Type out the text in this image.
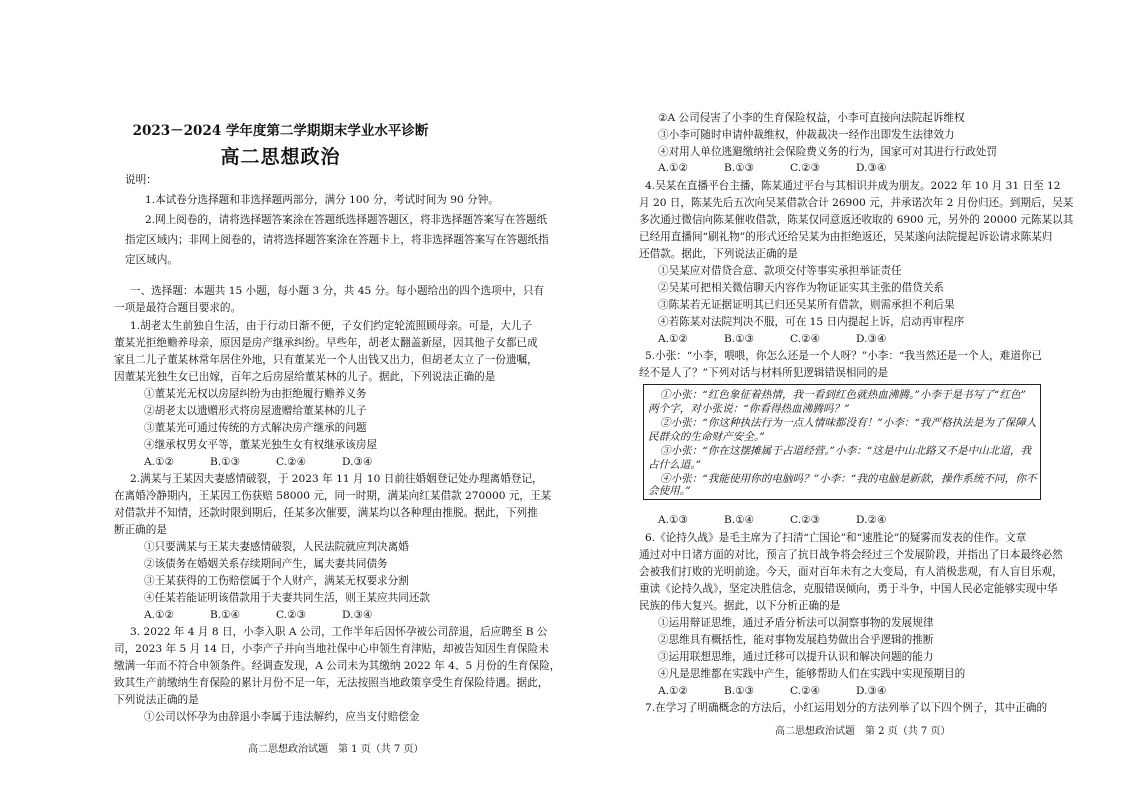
2023－2024 学年度第二学期期末学业水平诊断
高二思想政治
说明：
1.本试卷分选择题和非选择题两部分，满分 100 分，考试时间为 90 分钟。
2.网上阅卷的，请将选择题答案涂在答题纸选择题答题区，将非选择题答案写在答题纸
指定区域内；非网上阅卷的，请将选择题答案涂在答题卡上，将非选择题答案写在答题纸指
定区域内。
一、选择题：本题共 15 小题，每小题 3 分，共 45 分。每小题给出的四个选项中，只有
一项是最符合题目要求的。
1.胡老太生前独自生活，由于行动日渐不便，子女们约定轮流照顾母亲。可是，大儿子
董某光拒绝赡养母亲，原因是房产继承纠纷。早些年，胡老太翻盖新屋，因其他子女都已成
家且二儿子董某林常年居住外地，只有董某光一个人出钱又出力，但胡老太立了一份遗嘱，
因董某光独生女已出嫁，百年之后房屋给董某林的儿子。据此，下列说法正确的是
①董某光无权以房屋纠纷为由拒绝履行赡养义务
②胡老太以遗赠形式将房屋遗赠给董某林的儿子
③董某光可通过传统的方式解决房产继承的问题
④继承权男女平等，董某光独生女有权继承该房屋
A.①②	B.①③	C.②④	D.③④
2.满某与王某因夫妻感情破裂，于 2023 年 11 月 10 日前往婚姻登记处办理离婚登记，
在离婚冷静期内，王某因工伤获赔 58000 元，同一时期，满某向红某借款 270000 元，王某
对借款并不知情，还款时限到期后，任某多次催要，满某均以各种理由推脱。据此，下列推
断正确的是
①只要满某与王某夫妻感情破裂，人民法院就应判决离婚
②该债务在婚姻关系存续期间产生，属夫妻共同债务
③王某获得的工伤赔偿属于个人财产，满某无权要求分割
④任某若能证明该借款用于夫妻共同生活，则王某应共同还款
A.①②	B.①④	C.②③	D.③④
3. 2022 年 4 月 8 日，小李入职 A 公司，工作半年后因怀孕被公司辞退，后应聘至 B 公
司，2023 年 5 月 14 日，小李产子并向当地社保中心申领生育津贴，却被告知因生育保险未
缴满一年而不符合申领条件。经调查发现，A 公司未为其缴纳 2022 年 4、5 月份的生育保险，
致其生产前缴纳生育保险的累计月份不足一年，无法按照当地政策享受生育保险待遇。据此，
下列说法正确的是
①公司以怀孕为由辞退小李属于违法解约，应当支付赔偿金
高二思想政治试题　第 1 页（共 7 页）
②A 公司侵害了小李的生育保险权益，小李可直接向法院起诉维权
③小李可随时申请仲裁维权，仲裁裁决一经作出即发生法律效力
④对用人单位逃避缴纳社会保险费义务的行为，国家可对其进行行政处罚
A.①②	B.①③	C.②③	D.③④
4.吴某在直播平台主播，陈某通过平台与其相识并成为朋友。2022 年 10 月 31 日至 12
月 20 日，陈某先后五次向吴某借款合计 26900 元，并承诺次年 2 月份归还。到期后，吴某
多次通过微信向陈某催收借款，陈某仅同意返还收取的 6900 元，另外的 20000 元陈某以其
已经用直播间“刷礼物”的形式还给吴某为由拒绝返还，吴某遂向法院提起诉讼请求陈某归
还借款。据此，下列说法正确的是
①吴某应对借贷合意、款项交付等事实承担举证责任
②吴某可把相关微信聊天内容作为物证证实其主张的借贷关系
③陈某若无证据证明其已归还吴某所有借款，则需承担不利后果
④若陈某对法院判决不服，可在 15 日内提起上诉，启动再审程序
A.①②	B.①③	C.②④	D.③④
5.小张：“小李，喂喂，你怎么还是一个人呀？”小李：“我当然还是一个人，难道你已
经不是人了？”下列对话与材料所犯逻辑错误相同的是
①小张：“红色象征着热情，我一看到红色就热血沸腾。”小李于是书写了“红色”
两个字，对小张说：“你看得热血沸腾吗？”
②小张：“你这种执法行为一点人情味都没有！”小李：“我严格执法是为了保障人
民群众的生命财产安全。”
③小张：“你在这摆摊属于占道经营。”小李：“这是中山北路又不是中山北道，我
占什么道。”
④小张：“我能使用你的电脑吗？”小李：“我的电脑是新款，操作系统不同，你不
会使用。”
A.①③	B.①④	C.②③	D.②④
6.《论持久战》是毛主席为了扫清“亡国论”和“速胜论”的疑雾而发表的佳作。文章
通过对中日诸方面的对比，预言了抗日战争将会经过三个发展阶段，并指出了日本最终必然
会被我们打败的光明前途。今天，面对百年未有之大变局，有人消极悲观，有人盲目乐观，
重读《论持久战》，坚定决胜信念，克服错误倾向，勇于斗争，中国人民必定能够实现中华
民族的伟大复兴。据此，以下分析正确的是
①运用辩证思维，通过矛盾分析法可以洞察事物的发展规律
②思维具有概括性，能对事物发展趋势做出合乎逻辑的推断
③运用联想思维，通过迁移可以提升认识和解决问题的能力
④凡是思维都在实践中产生，能够帮助人们在实践中实现预期目的
A.①②	B.①③	C.②④	D.③④
7.在学习了明确概念的方法后，小红运用划分的方法列举了以下四个例子，其中正确的
高二思想政治试题　第 2 页（共 7 页）
